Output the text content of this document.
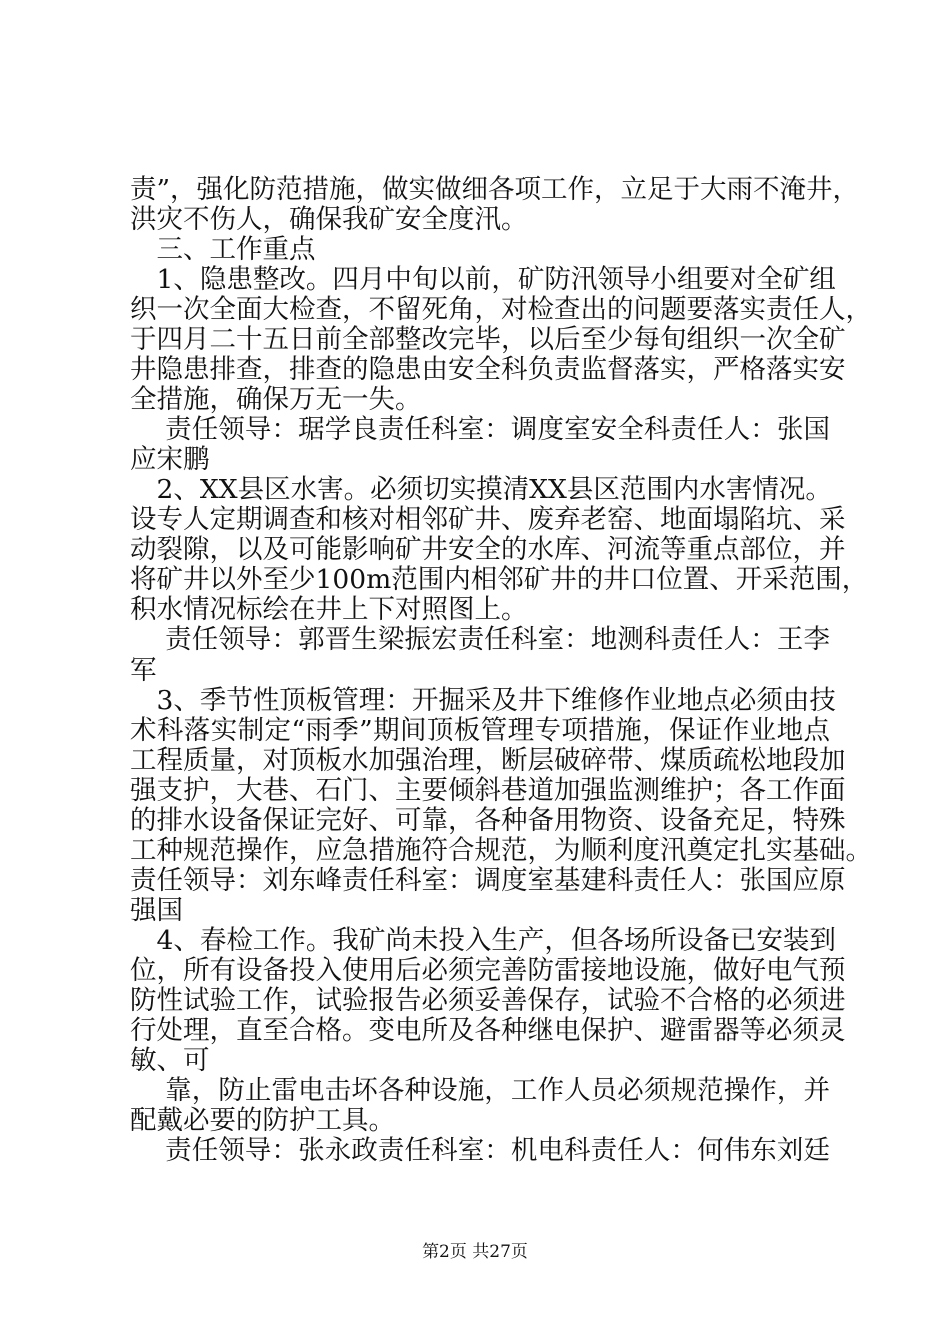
责”，强化防范措施，做实做细各项工作，立足于大雨不淹井，
洪灾不伤人，确保我矿安全度汛。
　三、工作重点
　1、隐患整改。四月中旬以前，矿防汛领导小组要对全矿组
织一次全面大检查，不留死角，对检查出的问题要落实责任人，
于四月二十五日前全部整改完毕，以后至少每旬组织一次全矿
井隐患排查，排查的隐患由安全科负责监督落实，严格落实安
全措施，确保万无一失。
　 责任领导：琚学良责任科室：调度室安全科责任人：张国
应宋鹏
　2、XX县区水害。必须切实摸清XX县区范围内水害情况。
设专人定期调查和核对相邻矿井、废弃老窑、地面塌陷坑、采
动裂隙，以及可能影响矿井安全的水库、河流等重点部位，并
将矿井以外至少100m范围内相邻矿井的井口位置、开采范围，
积水情况标绘在井上下对照图上。
　 责任领导：郭晋生梁振宏责任科室：地测科责任人：王李
军
　3、季节性顶板管理：开掘采及井下维修作业地点必须由技
术科落实制定“雨季”期间顶板管理专项措施，保证作业地点
工程质量，对顶板水加强治理，断层破碎带、煤质疏松地段加
强支护，大巷、石门、主要倾斜巷道加强监测维护；各工作面
的排水设备保证完好、可靠，各种备用物资、设备充足，特殊
工种规范操作，应急措施符合规范，为顺利度汛奠定扎实基础。
责任领导：刘东峰责任科室：调度室基建科责任人：张国应原
强国
　4、春检工作。我矿尚未投入生产，但各场所设备已安装到
位，所有设备投入使用后必须完善防雷接地设施，做好电气预
防性试验工作，试验报告必须妥善保存，试验不合格的必须进
行处理，直至合格。变电所及各种继电保护、避雷器等必须灵
敏、可
　 靠，防止雷电击坏各种设施，工作人员必须规范操作，并
配戴必要的防护工具。
　 责任领导：张永政责任科室：机电科责任人：何伟东刘廷
第2页 共27页
